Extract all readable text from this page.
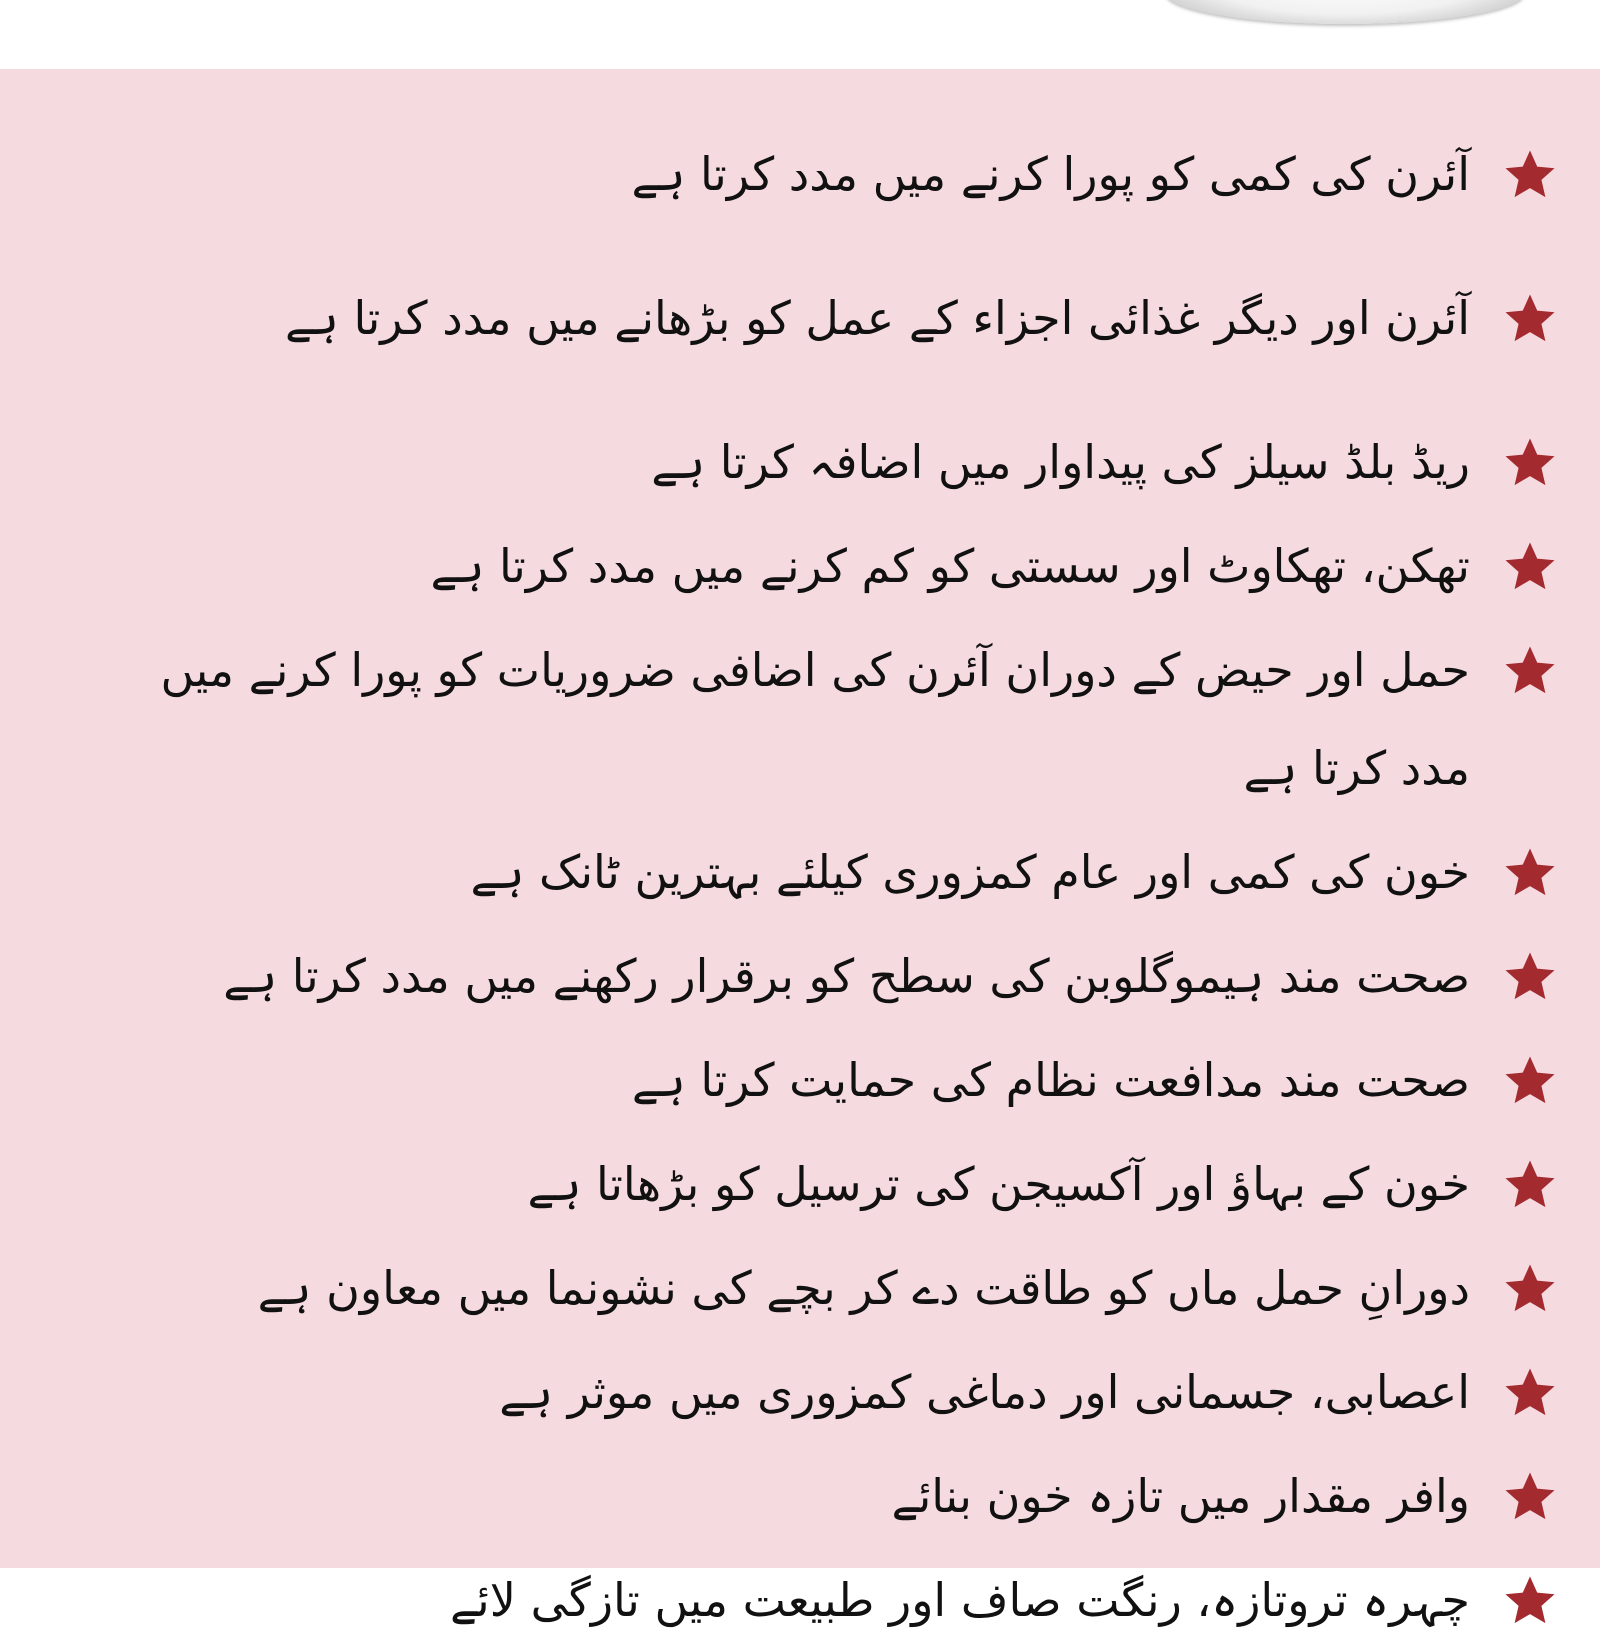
آئرن کی کمی کو پورا کرنے میں مدد کرتا ہے
آئرن اور دیگر غذائی اجزاء کے عمل کو بڑھانے میں مدد کرتا ہے
ریڈ بلڈ سیلز کی پیداوار میں اضافہ کرتا ہے
تھکن، تھکاوٹ اور سستی کو کم کرنے میں مدد کرتا ہے
حمل اور حیض کے دوران آئرن کی اضافی ضروریات کو پورا کرنے میں مدد کرتا ہے
خون کی کمی اور عام کمزوری کیلئے بہترین ٹانک ہے
صحت مند ہیموگلوبن کی سطح کو برقرار رکھنے میں مدد کرتا ہے
صحت مند مدافعت نظام کی حمایت کرتا ہے
خون کے بہاؤ اور آکسیجن کی ترسیل کو بڑھاتا ہے
دورانِ حمل ماں کو طاقت دے کر بچے کی نشونما میں معاون ہے
اعصابی، جسمانی اور دماغی کمزوری میں موثر ہے
وافر مقدار میں تازہ خون بنائے
چہرہ تروتازہ، رنگت صاف اور طبیعت میں تازگی لائے
